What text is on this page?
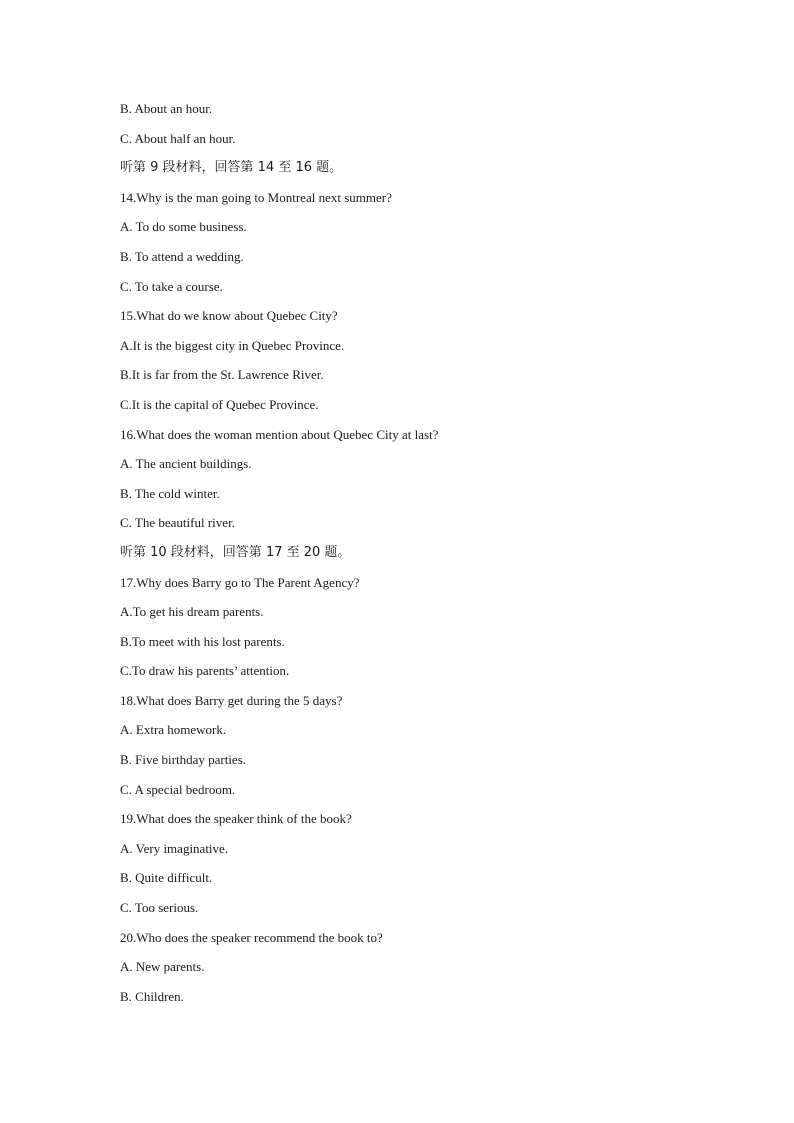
B. About an hour.
C. About half an hour.
听第 9 段材料，回答第 14 至 16 题。
14.Why is the man going to Montreal next summer?
A. To do some business.
B. To attend a wedding.
C. To take a course.
15.What do we know about Quebec City?
A.It is the biggest city in Quebec Province.
B.It is far from the St. Lawrence River.
C.It is the capital of Quebec Province.
16.What does the woman mention about Quebec City at last?
A. The ancient buildings.
B. The cold winter.
C. The beautiful river.
听第 10 段材料，回答第 17 至 20 题。
17.Why does Barry go to The Parent Agency?
A.To get his dream parents.
B.To meet with his lost parents.
C.To draw his parents’ attention.
18.What does Barry get during the 5 days?
A. Extra homework.
B. Five birthday parties.
C. A special bedroom.
19.What does the speaker think of the book?
A. Very imaginative.
B. Quite difficult.
C. Too serious.
20.Who does the speaker recommend the book to?
A. New parents.
B. Children.
